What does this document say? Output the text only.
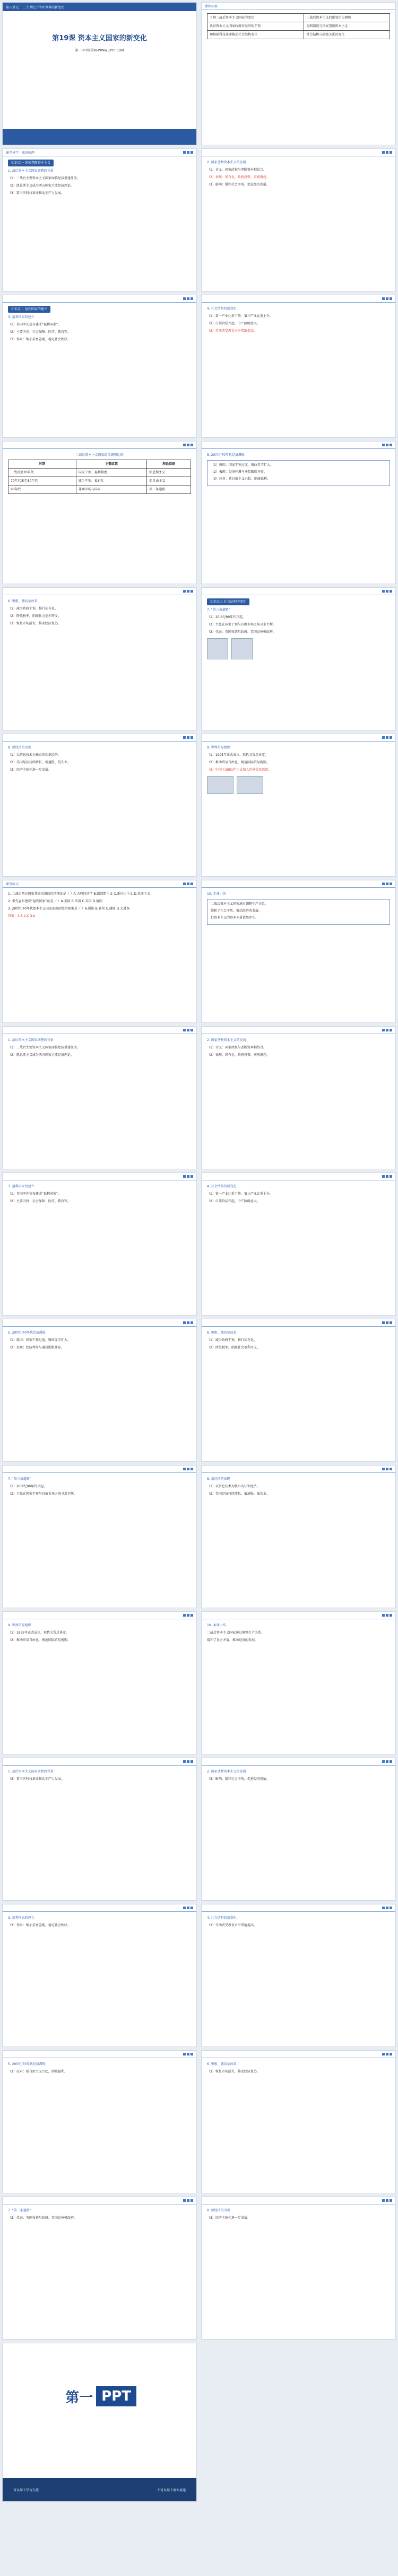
第八单元 二十世纪下半叶世界的新变化
第19课 资本主义国家的新变化
第一PPT模板网-WWW.1PPT.COM
课程标准
了解二战后资本主义国家的变化	二战后资本主义的新变化与调整
认识资本主义国家政府对经济的干预	福利制度与国家垄断资本主义
理解新科技革命推动社会结构变化	社会结构与阶级关系的变化
课堂导学 · 知识梳理

知识点一 国家垄断资本主义

1. 战后资本主义国家调整的背景

（1）二战后主要资本主义国家面临经济重建任务。

（2）凯恩斯主义成为西方国家主流经济理论。

（3）第三次科技革命推动生产力发展。

2. 国家垄断资本主义的发展

（1）含义：国家政权与垄断资本相结合。

（2）表现：国有化、政府投资、宏观调控。

（3）影响：缓和社会矛盾，促进经济发展。

知识点二 福利国家的建立

3. 福利国家的建立

（1）英国率先宣布建成“福利国家”。

（2）主要内容：社会保障、医疗、教育等。

（3）作用：缩小贫富差距，稳定社会秩序。

4. 社会结构的新变化

（1）第一产业比重下降，第三产业比重上升。

（2）白领阶层兴起，中产阶级壮大。

（3）劳动者受教育水平普遍提高。

二战后资本主义国家政策调整比较

时期	主要政策	理论依据
二战后至70年代	国家干预、福利制度	凯恩斯主义
70年代末至80年代	减少干预、私有化	新自由主义
90年代	兼顾市场与国家	第三条道路

5. 20世纪70年代经济滞胀

（1）原因：国家干预过度，财政赤字扩大。

（2）表现：经济停滞与通货膨胀并存。

（3）应对：新自由主义兴起，削减福利。

6. 里根、撒切尔改革

（1）减少政府干预，推行私有化。

（2）降低税率，削减社会福利开支。

（3）恢复市场活力，推动经济复苏。

知识点三 社会结构的变化

7. “第三条道路”

（1）20世纪90年代兴起。

（2）主张在国家干预与自由市场之间寻求平衡。

（3）代表：英国布莱尔政府、美国克林顿政府。

8. 新经济的出现

（1）以信息技术为核心的知识经济。

（2）美国经济持续增长，低通胀、低失业。

（3）经济全球化进一步发展。

9. 世界贸易组织

（1）1995年正式成立，取代关贸总协定。

（2）推动贸易自由化，规范国际贸易规则。

（3）中国于2001年正式加入世界贸易组织。

课堂练习

1. 二战后西方国家普遍采用的经济理论是（ ）A.古典经济学 B.凯恩斯主义 C.新自由主义 D.重商主义

2. 率先宣布建成“福利国家”的是（ ）A.美国 B.法国 C.英国 D.德国

3. 20世纪70年代资本主义国家出现的经济现象是（ ）A.滞胀 B.繁荣 C.通缩 D.大萧条

答案：1.B 2.C 3.A

10. 本课小结

二战后资本主义国家通过调整生产关系，

缓和了社会矛盾，推动经济的发展，

但资本主义的基本矛盾依然存在。

1. 战后资本主义国家调整的背景

（1）二战后主要资本主义国家面临经济重建任务。

（2）凯恩斯主义成为西方国家主流经济理论。

2. 国家垄断资本主义的发展

（1）含义：国家政权与垄断资本相结合。

（2）表现：国有化、政府投资、宏观调控。

3. 福利国家的建立

（1）英国率先宣布建成“福利国家”。

（2）主要内容：社会保障、医疗、教育等。

4. 社会结构的新变化

（1）第一产业比重下降，第三产业比重上升。

（2）白领阶层兴起，中产阶级壮大。

5. 20世纪70年代经济滞胀

（1）原因：国家干预过度，财政赤字扩大。

（2）表现：经济停滞与通货膨胀并存。

6. 里根、撒切尔改革

（1）减少政府干预，推行私有化。

（2）降低税率，削减社会福利开支。

7. “第三条道路”

（1）20世纪90年代兴起。

（2）主张在国家干预与自由市场之间寻求平衡。

8. 新经济的出现

（1）以信息技术为核心的知识经济。

（2）美国经济持续增长，低通胀、低失业。

9. 世界贸易组织

（1）1995年正式成立，取代关贸总协定。

（2）推动贸易自由化，规范国际贸易规则。

10. 本课小结

二战后资本主义国家通过调整生产关系，

缓和了社会矛盾，推动经济的发展，

1. 战后资本主义国家调整的背景

（3）第三次科技革命推动生产力发展。

2. 国家垄断资本主义的发展

（3）影响：缓和社会矛盾，促进经济发展。

3. 福利国家的建立

（3）作用：缩小贫富差距，稳定社会秩序。

4. 社会结构的新变化

（3）劳动者受教育水平普遍提高。

5. 20世纪70年代经济滞胀

（3）应对：新自由主义兴起，削减福利。

6. 里根、撒切尔改革

（3）恢复市场活力，推动经济复苏。

7. “第三条道路”

（3）代表：英国布莱尔政府、美国克林顿政府。

8. 新经济的出现

（3）经济全球化进一步发展。

第一 PPT
可以用于学习交流	不可以用于商业用途
